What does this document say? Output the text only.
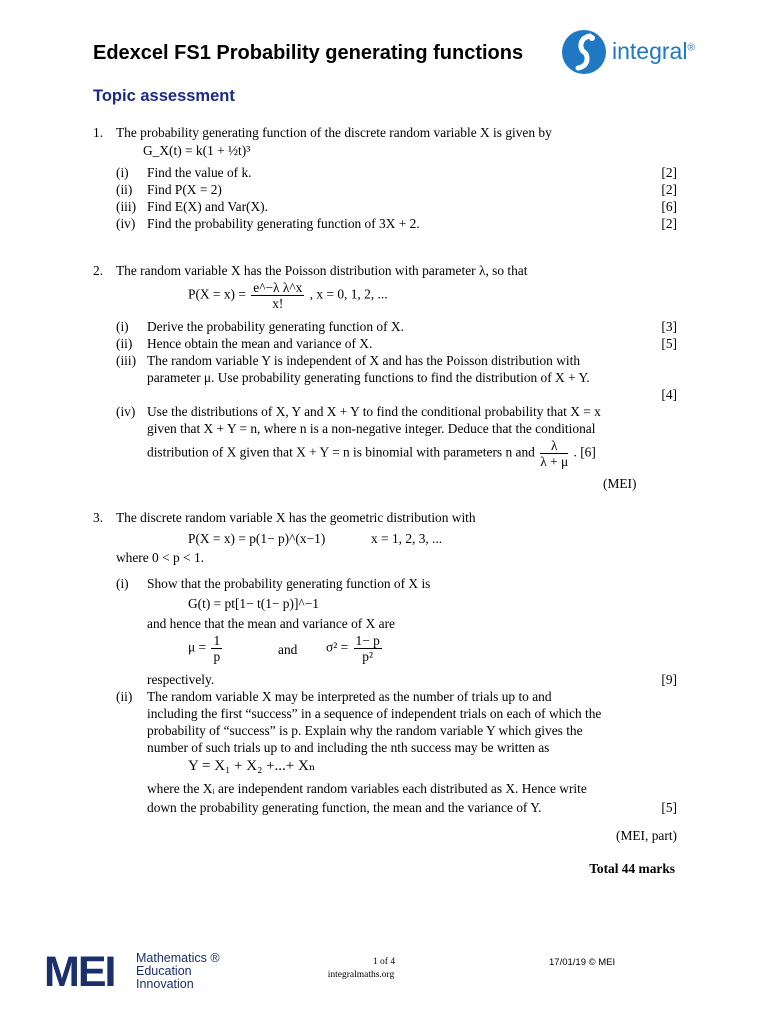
Edexcel FS1 Probability generating functions
Topic assessment
integral®
1. The probability generating function of the discrete random variable X is given by
G_X(t) = k(1 + ½t)³
(i) Find the value of k.	[2]
(ii) Find P(X = 2)	[2]
(iii) Find E(X) and Var(X).	[6]
(iv) Find the probability generating function of 3X + 2.	[2]
2. The random variable X has the Poisson distribution with parameter λ, so that
$P(X = x) = \frac{\text{e\textasciicircum{}−λ λ\textasciicircum{}x}}{x!}$ , x = 0, 1, 2, ...
(i) Derive the probability generating function of X.	[3]
(ii) Hence obtain the mean and variance of X.	[5]
(iii) The random variable Y is independent of X and has the Poisson distribution with
parameter μ. Use probability generating functions to find the distribution of X + Y.
[4]
(iv) Use the distributions of X, Y and X + Y to find the conditional probability that X = x
given that X + Y = n, where n is a non-negative integer. Deduce that the conditional
distribution of X given that X + Y = n is binomial with parameters n and $\frac{\lambda}{\lambda + \mu}$ . [6]
(MEI)
3. The discrete random variable X has the geometric distribution with
P(X = x) = p(1− p)^(x−1)	x = 1, 2, 3, ...
where 0 < p < 1.
(i) Show that the probability generating function of X is
G(t) = pt[1− t(1− p)]^−1
and hence that the mean and variance of X are
$\mu = \frac{1}{p}$	and $\sigma^2 = \frac{1- p}{\text{p²}}$
respectively.	[9]
(ii) The random variable X may be interpreted as the number of trials up to and
including the first “success” in a sequence of independent trials on each of which the
probability of “success” is p. Explain why the random variable Y which gives the
number of such trials up to and including the nth success may be written as
Y = X₁ + X₂ +...+ Xₙ
where the Xᵢ are independent random variables each distributed as X. Hence write
down the probability generating function, the mean and the variance of Y.	[5]
(MEI, part)
Total 44 marks
MEI Mathematics ®
Education
Innovation
1 of 4
integralmaths.org
17/01/19 © MEI
